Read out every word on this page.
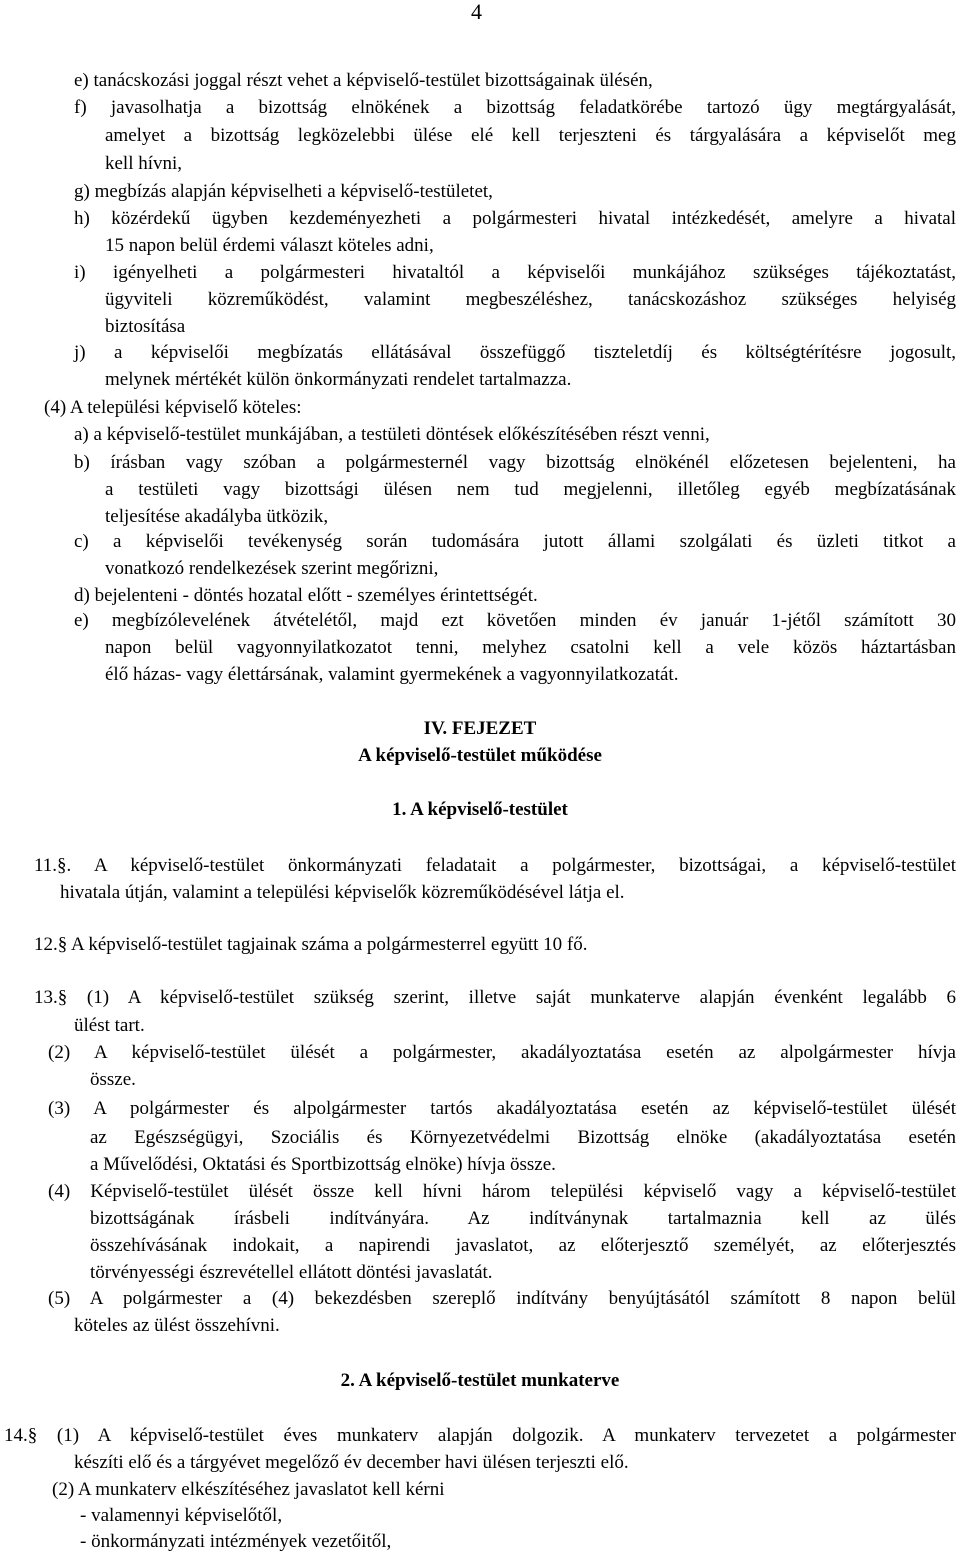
4
e) tanácskozási joggal részt vehet a képviselő-testület bizottságainak ülésén,
f) javasolhatja a bizottság elnökének a bizottság feladatkörébe tartozó ügy megtárgyalását,
amelyet a bizottság legközelebbi ülése elé kell terjeszteni és tárgyalására a képviselőt meg
kell hívni,
g) megbízás alapján képviselheti a képviselő-testületet,
h) közérdekű ügyben kezdeményezheti a polgármesteri hivatal intézkedését, amelyre a hivatal
15 napon belül érdemi választ köteles adni,
i) igényelheti a polgármesteri hivataltól a képviselői munkájához szükséges tájékoztatást,
ügyviteli közreműködést, valamint megbeszéléshez, tanácskozáshoz szükséges helyiség
biztosítása
j) a képviselői megbízatás ellátásával összefüggő tiszteletdíj és költségtérítésre jogosult,
melynek mértékét külön önkormányzati rendelet tartalmazza.
(4) A települési képviselő köteles:
a) a képviselő-testület munkájában, a testületi döntések előkészítésében részt venni,
b) írásban vagy szóban a polgármesternél vagy bizottság elnökénél előzetesen bejelenteni, ha
a testületi vagy bizottsági ülésen nem tud megjelenni, illetőleg egyéb megbízatásának
teljesítése akadályba ütközik,
c) a képviselői tevékenység során tudomására jutott állami szolgálati és üzleti titkot a
vonatkozó rendelkezések szerint megőrizni,
d) bejelenteni - döntés hozatal előtt - személyes érintettségét.
e) megbízólevelének átvételétől, majd ezt követően minden év január 1-jétől számított 30
napon belül vagyonnyilatkozatot tenni, melyhez csatolni kell a vele közös háztartásban
élő házas- vagy élettársának, valamint gyermekének a vagyonnyilatkozatát.
IV. FEJEZET
A képviselő-testület működése
1. A képviselő-testület
11.§. A képviselő-testület önkormányzati feladatait a polgármester, bizottságai, a képviselő-testület
hivatala útján, valamint a települési képviselők közreműködésével látja el.
12.§ A képviselő-testület tagjainak száma a polgármesterrel együtt 10 fő.
13.§ (1) A képviselő-testület szükség szerint, illetve saját munkaterve alapján évenként legalább 6
ülést tart.
(2) A képviselő-testület ülését a polgármester, akadályoztatása esetén az alpolgármester hívja
össze.
(3) A polgármester és alpolgármester tartós akadályoztatása esetén az képviselő-testület ülését
az Egészségügyi, Szociális és Környezetvédelmi Bizottság elnöke (akadályoztatása esetén
a Művelődési, Oktatási és Sportbizottság elnöke) hívja össze.
(4) Képviselő-testület ülését össze kell hívni három települési képviselő vagy a képviselő-testület
bizottságának írásbeli indítványára. Az indítványnak tartalmaznia kell az ülés
összehívásának indokait, a napirendi javaslatot, az előterjesztő személyét, az előterjesztés
törvényességi észrevétellel ellátott döntési javaslatát.
(5) A polgármester a (4) bekezdésben szereplő indítvány benyújtásától számított 8 napon belül
köteles az ülést összehívni.
2. A képviselő-testület munkaterve
14.§ (1) A képviselő-testület éves munkaterv alapján dolgozik. A munkaterv tervezetet a polgármester
készíti elő és a tárgyévet megelőző év december havi ülésen terjeszti elő.
(2) A munkaterv elkészítéséhez javaslatot kell kérni
- valamennyi képviselőtől,
- önkormányzati intézmények vezetőitől,
